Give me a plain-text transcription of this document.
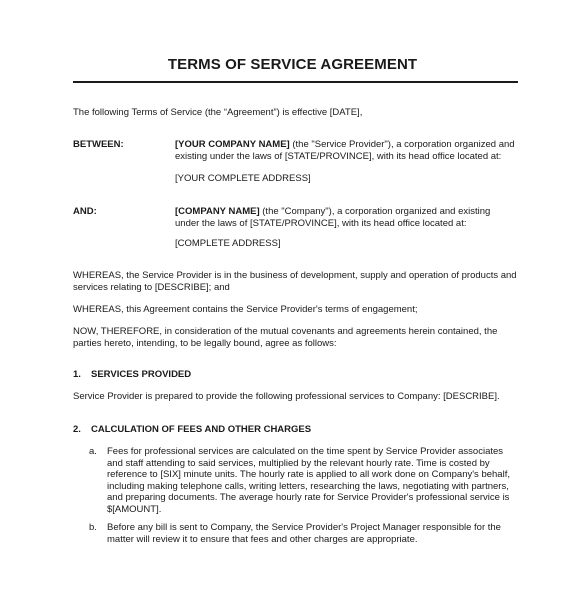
TERMS OF SERVICE AGREEMENT
The following Terms of Service (the “Agreement”) is effective [DATE],
BETWEEN:	[YOUR COMPANY NAME] (the "Service Provider"), a corporation organized and existing under the laws of [STATE/PROVINCE], with its head office located at:
[YOUR COMPLETE ADDRESS]
AND:	[COMPANY NAME] (the "Company"), a corporation organized and existing under the laws of [STATE/PROVINCE], with its head office located at:
[COMPLETE ADDRESS]
WHEREAS, the Service Provider is in the business of development, supply and operation of products and services relating to [DESCRIBE]; and
WHEREAS, this Agreement contains the Service Provider's terms of engagement;
NOW, THEREFORE, in consideration of the mutual covenants and agreements herein contained, the parties hereto, intending, to be legally bound, agree as follows:
1. SERVICES PROVIDED
Service Provider is prepared to provide the following professional services to Company: [DESCRIBE].
2. CALCULATION OF FEES AND OTHER CHARGES
a. Fees for professional services are calculated on the time spent by Service Provider associates and staff attending to said services, multiplied by the relevant hourly rate. Time is costed by reference to [SIX] minute units. The hourly rate is applied to all work done on Company's behalf, including making telephone calls, writing letters, researching the laws, negotiating with partners, and preparing documents. The average hourly rate for Service Provider's professional service is $[AMOUNT].
b. Before any bill is sent to Company, the Service Provider's Project Manager responsible for the matter will review it to ensure that fees and other charges are appropriate.
